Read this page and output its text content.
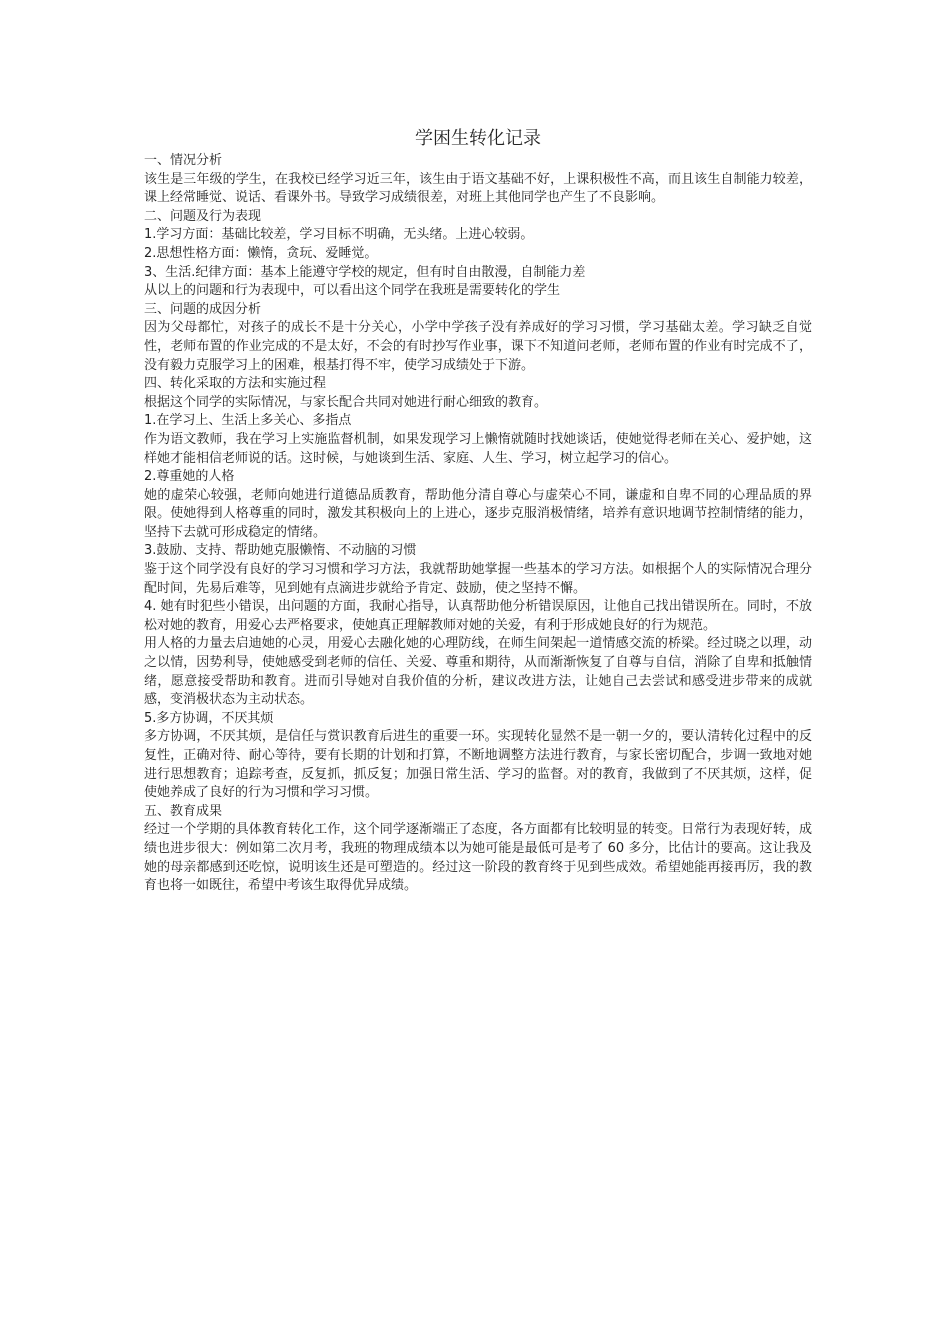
学困生转化记录

一、情况分析

该生是三年级的学生，在我校已经学习近三年，该生由于语文基础不好，上课积极性不高，而且该生自制能力较差，课上经常睡觉、说话、看课外书。导致学习成绩很差，对班上其他同学也产生了不良影响。

二、问题及行为表现

1.学习方面：基础比较差，学习目标不明确，无头绪。上进心较弱。

2.思想性格方面：懒惰，贪玩、爱睡觉。

3、生活.纪律方面：基本上能遵守学校的规定，但有时自由散漫，自制能力差

从以上的问题和行为表现中，可以看出这个同学在我班是需要转化的学生

三、问题的成因分析

因为父母都忙，对孩子的成长不是十分关心，小学中学孩子没有养成好的学习习惯，学习基础太差。学习缺乏自觉性，老师布置的作业完成的不是太好，不会的有时抄写作业事，课下不知道问老师，老师布置的作业有时完成不了，没有毅力克服学习上的困难，根基打得不牢，使学习成绩处于下游。

四、转化采取的方法和实施过程

根据这个同学的实际情况，与家长配合共同对她进行耐心细致的教育。

1.在学习上、生活上多关心、多指点

作为语文教师，我在学习上实施监督机制，如果发现学习上懒惰就随时找她谈话，使她觉得老师在关心、爱护她，这样她才能相信老师说的话。这时候，与她谈到生活、家庭、人生、学习，树立起学习的信心。

2.尊重她的人格

她的虚荣心较强，老师向她进行道德品质教育，帮助他分清自尊心与虚荣心不同，谦虚和自卑不同的心理品质的界限。使她得到人格尊重的同时，激发其积极向上的上进心，逐步克服消极情绪，培养有意识地调节控制情绪的能力，坚持下去就可形成稳定的情绪。

3.鼓励、支持、帮助她克服懒惰、不动脑的习惯

鉴于这个同学没有良好的学习习惯和学习方法，我就帮助她掌握一些基本的学习方法。如根据个人的实际情况合理分配时间，先易后难等，见到她有点滴进步就给予肯定、鼓励，使之坚持不懈。

4. 她有时犯些小错误，出问题的方面，我耐心指导，认真帮助他分析错误原因，让他自己找出错误所在。同时，不放松对她的教育，用爱心去严格要求，使她真正理解教师对她的关爱，有利于形成她良好的行为规范。

用人格的力量去启迪她的心灵，用爱心去融化她的心理防线，在师生间架起一道情感交流的桥梁。经过晓之以理，动之以情，因势利导，使她感受到老师的信任、关爱、尊重和期待，从而渐渐恢复了自尊与自信，消除了自卑和抵触情绪，愿意接受帮助和教育。进而引导她对自我价值的分析，建议改进方法，让她自己去尝试和感受进步带来的成就感，变消极状态为主动状态。

5.多方协调，不厌其烦

多方协调，不厌其烦，是信任与赏识教育后进生的重要一环。实现转化显然不是一朝一夕的，要认清转化过程中的反复性，正确对待、耐心等待，要有长期的计划和打算，不断地调整方法进行教育，与家长密切配合，步调一致地对她进行思想教育；追踪考查，反复抓，抓反复；加强日常生活、学习的监督。对的教育，我做到了不厌其烦，这样，促使她养成了良好的行为习惯和学习习惯。

五、教育成果

经过一个学期的具体教育转化工作，这个同学逐渐端正了态度，各方面都有比较明显的转变。日常行为表现好转，成绩也进步很大：例如第二次月考，我班的物理成绩本以为她可能是最低可是考了 60 多分，比估计的要高。这让我及她的母亲都感到还吃惊，说明该生还是可塑造的。经过这一阶段的教育终于见到些成效。希望她能再接再厉，我的教育也将一如既往，希望中考该生取得优异成绩。
